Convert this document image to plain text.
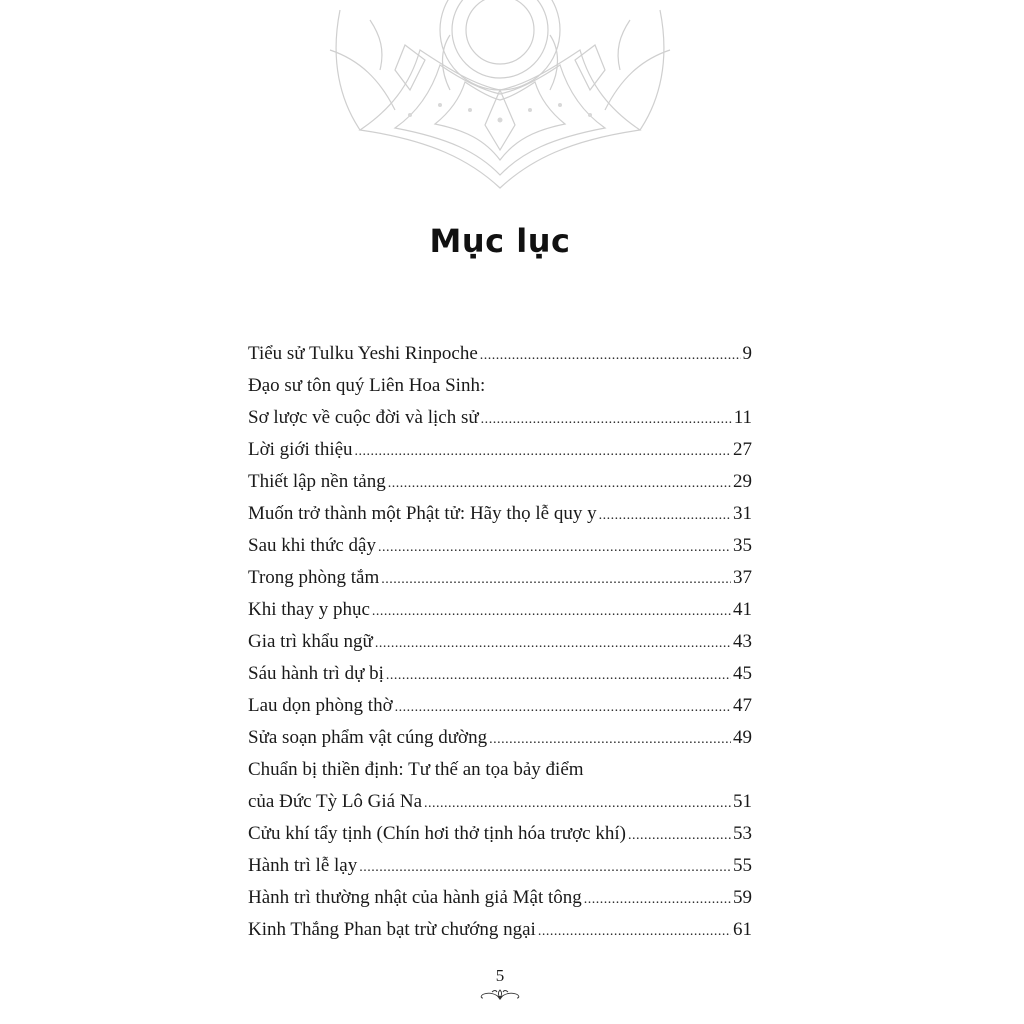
Mục lục
Tiểu sử Tulku Yeshi Rinpoche .....	9
Đạo sư tôn quý Liên Hoa Sinh:
Sơ lược về cuộc đời và lịch sử .....	11
Lời giới thiệu .....	27
Thiết lập nền tảng .....	29
Muốn trở thành một Phật tử: Hãy thọ lễ quy y .....	31
Sau khi thức dậy .....	35
Trong phòng tắm .....	37
Khi thay y phục .....	41
Gia trì khẩu ngữ .....	43
Sáu hành trì dự bị .....	45
Lau dọn phòng thờ .....	47
Sửa soạn phẩm vật cúng dường .....	49
Chuẩn bị thiền định: Tư thế an tọa bảy điểm
của Đức Tỳ Lô Giá Na .....	51
Cửu khí tẩy tịnh (Chín hơi thở tịnh hóa trược khí) .....	53
Hành trì lễ lạy .....	55
Hành trì thường nhật của hành giả Mật tông .....	59
Kinh Thắng Phan bạt trừ chướng ngại .....	61
5
